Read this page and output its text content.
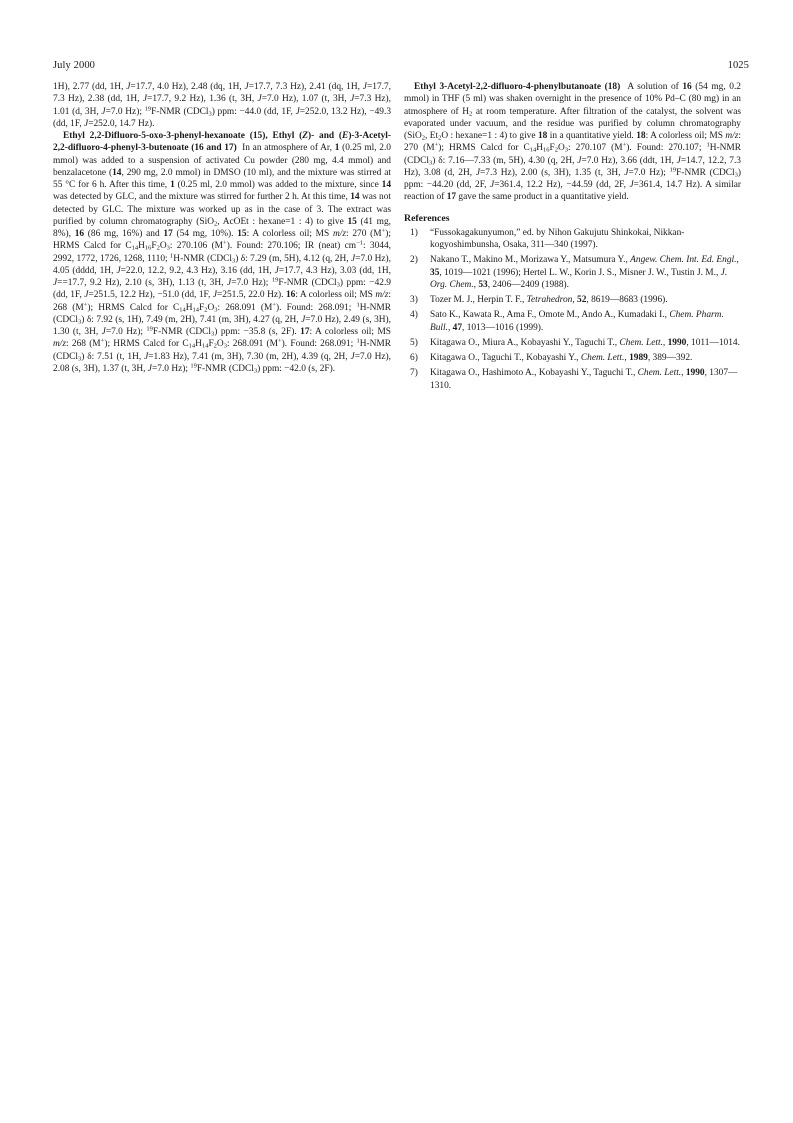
July 2000	1025

1H), 2.77 (dd, 1H, J=17.7, 4.0 Hz), 2.48 (dq, 1H, J=17.7, 7.3 Hz), 2.41 (dq, 1H, J=17.7, 7.3 Hz), 2.38 (dd, 1H, J=17.7, 9.2 Hz), 1.36 (t, 3H, J=7.0 Hz), 1.07 (t, 3H, J=7.3 Hz), 1.01 (d, 3H, J=7.0 Hz); $^{19}$F-NMR (CDCl$_3$) ppm: −44.0 (dd, 1F, J=252.0, 13.2 Hz), −49.3 (dd, 1F, J=252.0, 14.7 Hz).

Ethyl 2,2-Difluoro-5-oxo-3-phenyl-hexanoate (15), Ethyl (Z)- and (E)-3-Acetyl-2,2-difluoro-4-phenyl-3-butenoate (16 and 17) In an atmosphere of Ar, 1 (0.25 ml, 2.0 mmol) was added to a suspension of activated Cu powder (280 mg, 4.4 mmol) and benzalacetone (14, 290 mg, 2.0 mmol) in DMSO (10 ml), and the mixture was stirred at 55 °C for 6 h. After this time, 1 (0.25 ml, 2.0 mmol) was added to the mixture, since 14 was detected by GLC, and the mixture was stirred for further 2 h. At this time, 14 was not detected by GLC. The mixture was worked up as in the case of 3. The extract was purified by column chromatography (SiO$_2$, AcOEt : hexane=1 : 4) to give 15 (41 mg, 8%), 16 (86 mg, 16%) and 17 (54 mg, 10%). 15: A colorless oil; MS m/z: 270 (M+); HRMS Calcd for $C_{14}H_{16}F_2O_3$: 270.106 (M+). Found: 270.106; IR (neat) $cm^{-1}$: 3044, 2992, 1772, 1726, 1268, 1110; $^1$H-NMR (CDCl$_3$) δ: 7.29 (m, 5H), 4.12 (q, 2H, J=7.0 Hz), 4.05 (dddd, 1H, J=22.0, 12.2, 9.2, 4.3 Hz), 3.16 (dd, 1H, J=17.7, 4.3 Hz), 3.03 (dd, 1H, J==17.7, 9.2 Hz), 2.10 (s, 3H), 1.13 (t, 3H, J=7.0 Hz); $^{19}$F-NMR (CDCl$_3$) ppm: −42.9 (dd, 1F, J=251.5, 12.2 Hz), −51.0 (dd, 1F, J=251.5, 22.0 Hz). 16: A colorless oil; MS m/z: 268 (M+); HRMS Calcd for $C_{14}H_{14}F_2O_3$: 268.091 (M+). Found: 268.091; $^1$H-NMR (CDCl$_3$) δ: 7.92 (s, 1H), 7.49 (m, 2H), 7.41 (m, 3H), 4.27 (q, 2H, J=7.0 Hz), 2.49 (s, 3H), 1.30 (t, 3H, J=7.0 Hz); $^{19}$F-NMR (CDCl$_3$) ppm: −35.8 (s, 2F). 17: A colorless oil; MS m/z: 268 (M+); HRMS Calcd for $C_{14}H_{14}F_2O_3$: 268.091 (M+). Found: 268.091; $^1$H-NMR (CDCl$_3$) δ: 7.51 (t, 1H, J=1.83 Hz), 7.41 (m, 3H), 7.30 (m, 2H), 4.39 (q, 2H, J=7.0 Hz), 2.08 (s, 3H), 1.37 (t, 3H, J=7.0 Hz); $^{19}$F-NMR (CDCl$_3$) ppm: −42.0 (s, 2F).

Ethyl 3-Acetyl-2,2-difluoro-4-phenylbutanoate (18) A solution of 16 (54 mg, 0.2 mmol) in THF (5 ml) was shaken overnight in the presence of 10% Pd–C (80 mg) in an atmosphere of $H_2$ at room temperature. After filtration of the catalyst, the solvent was evaporated under vacuum, and the residue was purified by column chromatography (SiO$_2$, $Et_2O$ : hexane=1 : 4) to give 18 in a quantitative yield. 18: A colorless oil; MS m/z: 270 (M+); HRMS Calcd for $C_{14}H_{16}F_2O_3$: 270.107 (M+). Found: 270.107; $^1$H-NMR (CDCl$_3$) δ: 7.16—7.33 (m, 5H), 4.30 (q, 2H, J=7.0 Hz), 3.66 (ddt, 1H, J=14.7, 12.2, 7.3 Hz), 3.08 (d, 2H, J=7.3 Hz), 2.00 (s, 3H), 1.35 (t, 3H, J=7.0 Hz); $^{19}$F-NMR (CDCl$_3$) ppm: −44.20 (dd, 2F, J=361.4, 12.2 Hz), −44.59 (dd, 2F, J=361.4, 14.7 Hz). A similar reaction of 17 gave the same product in a quantitative yield.

References
1) “Fussokagakunyumon,” ed. by Nihon Gakujutu Shinkokai, Nikkan-kogyoshimbunsha, Osaka, 311—340 (1997).
2) Nakano T., Makino M., Morizawa Y., Matsumura Y., Angew. Chem. Int. Ed. Engl., 35, 1019—1021 (1996); Hertel L. W., Korin J. S., Misner J. W., Tustin J. M., J. Org. Chem., 53, 2406—2409 (1988).
3) Tozer M. J., Herpin T. F., Tetrahedron, 52, 8619—8683 (1996).
4) Sato K., Kawata R., Ama F., Omote M., Ando A., Kumadaki I., Chem. Pharm. Bull., 47, 1013—1016 (1999).
5) Kitagawa O., Miura A., Kobayashi Y., Taguchi T., Chem. Lett., 1990, 1011—1014.
6) Kitagawa O., Taguchi T., Kobayashi Y., Chem. Lett., 1989, 389—392.
7) Kitagawa O., Hashimoto A., Kobayashi Y., Taguchi T., Chem. Lett., 1990, 1307—1310.
